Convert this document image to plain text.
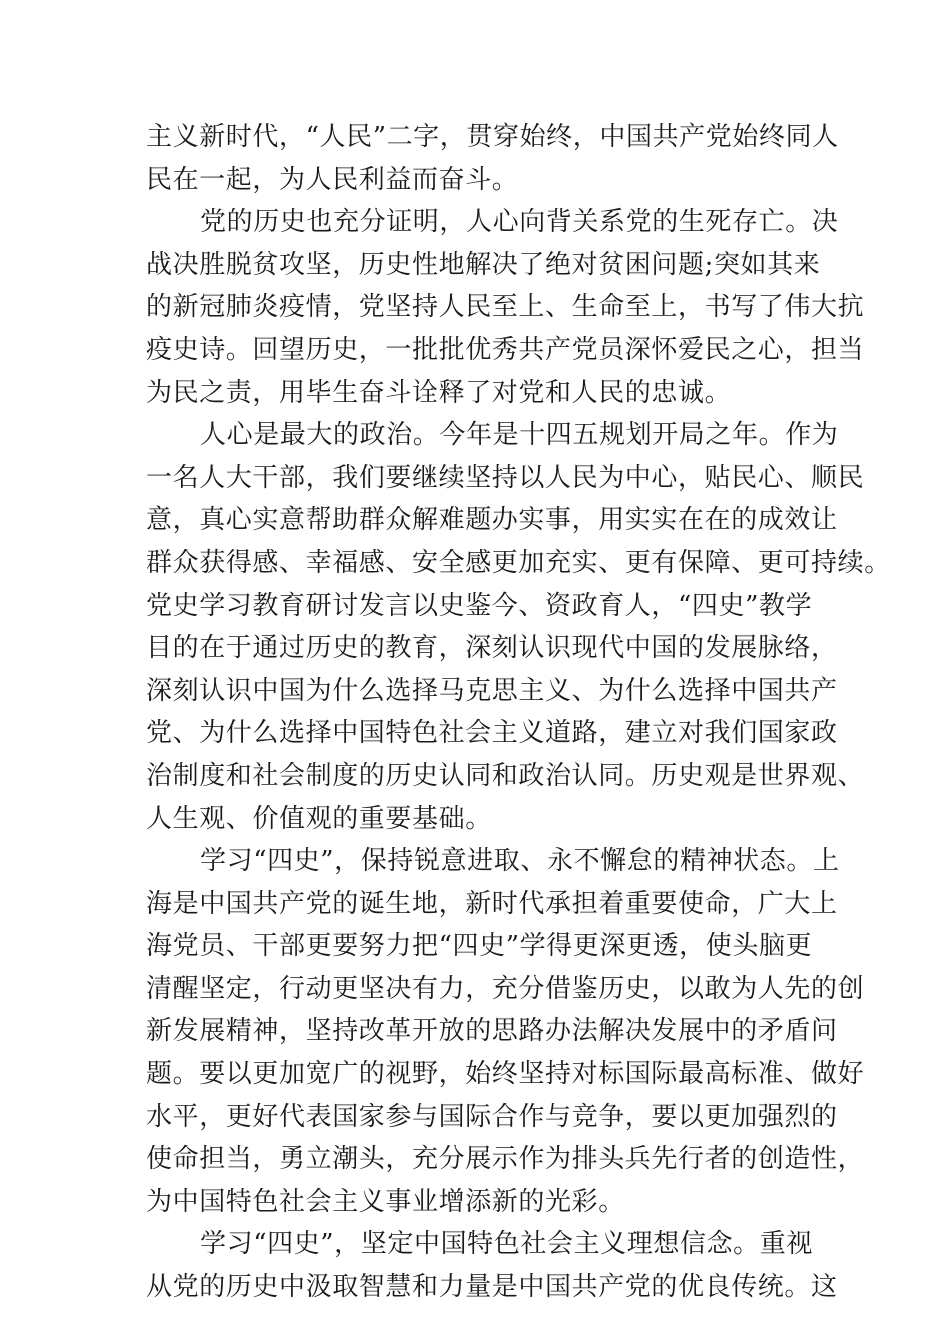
主义新时代，“人民”二字，贯穿始终，中国共产党始终同人
民在一起，为人民利益而奋斗。
党的历史也充分证明，人心向背关系党的生死存亡。决
战决胜脱贫攻坚，历史性地解决了绝对贫困问题;突如其来
的新冠肺炎疫情，党坚持人民至上、生命至上，书写了伟大抗
疫史诗。回望历史，一批批优秀共产党员深怀爱民之心，担当
为民之责，用毕生奋斗诠释了对党和人民的忠诚。
人心是最大的政治。今年是十四五规划开局之年。作为
一名人大干部，我们要继续坚持以人民为中心，贴民心、顺民
意，真心实意帮助群众解难题办实事，用实实在在的成效让
群众获得感、幸福感、安全感更加充实、更有保障、更可持续。
党史学习教育研讨发言以史鉴今、资政育人，“四史”教学
目的在于通过历史的教育，深刻认识现代中国的发展脉络，
深刻认识中国为什么选择马克思主义、为什么选择中国共产
党、为什么选择中国特色社会主义道路，建立对我们国家政
治制度和社会制度的历史认同和政治认同。历史观是世界观、
人生观、价值观的重要基础。
学习“四史”，保持锐意进取、永不懈怠的精神状态。上
海是中国共产党的诞生地，新时代承担着重要使命，广大上
海党员、干部更要努力把“四史”学得更深更透，使头脑更
清醒坚定，行动更坚决有力，充分借鉴历史，以敢为人先的创
新发展精神，坚持改革开放的思路办法解决发展中的矛盾问
题。要以更加宽广的视野，始终坚持对标国际最高标准、做好
水平，更好代表国家参与国际合作与竞争，要以更加强烈的
使命担当，勇立潮头，充分展示作为排头兵先行者的创造性，
为中国特色社会主义事业增添新的光彩。
学习“四史”，坚定中国特色社会主义理想信念。重视
从党的历史中汲取智慧和力量是中国共产党的优良传统。这
